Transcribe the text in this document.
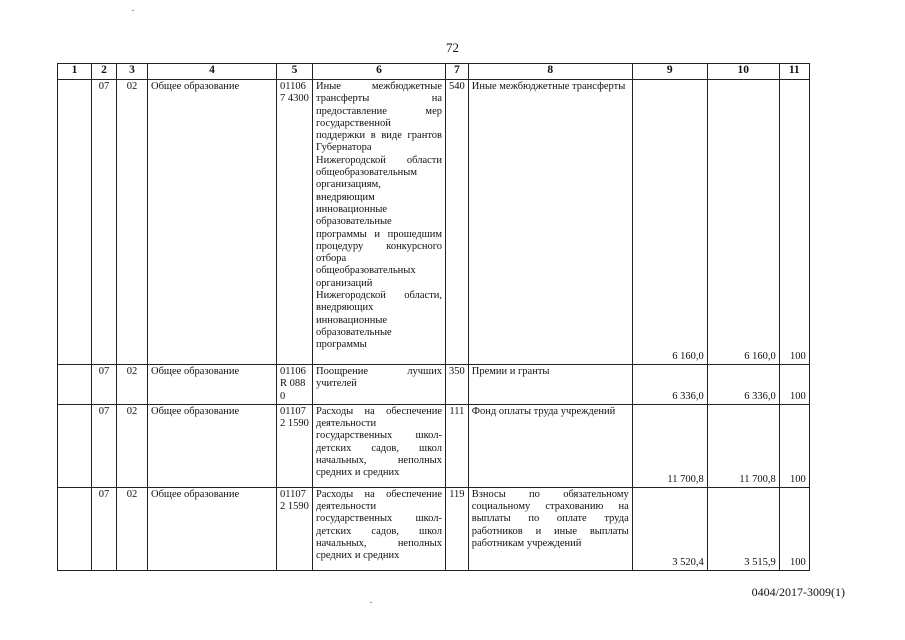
72
1	2	3	4	5	6	7	8	9	10	11
	07	02	Общее образование	011067 4300	Иные межбюджетные трансферты на предоставление мер государственной поддержки в виде грантов Губернатора Нижегородской области общеобразовательным организациям, внедряющим инновационные образовательные программы и прошедшим процедуру конкурсного отбора общеобразовательных организаций Нижегородской области, внедряющих инновационные образовательные программы	540	Иные межбюджетные трансферты	6 160,0	6 160,0	100
	07	02	Общее образование	01106R 0880	Поощрение лучших учителей	350	Премии и гранты	6 336,0	6 336,0	100
	07	02	Общее образование	011072 1590	Расходы на обеспечение деятельности государственных школ-детских садов, школ начальных, неполных средних и средних	111	Фонд оплаты труда учреждений	11 700,8	11 700,8	100
	07	02	Общее образование	011072 1590	Расходы на обеспечение деятельности государственных школ-детских садов, школ начальных, неполных средних и средних	119	Взносы по обязательному социальному страхованию на выплаты по оплате труда работников и иные выплаты работникам учреждений	3 520,4	3 515,9	100
0404/2017-3009(1)
